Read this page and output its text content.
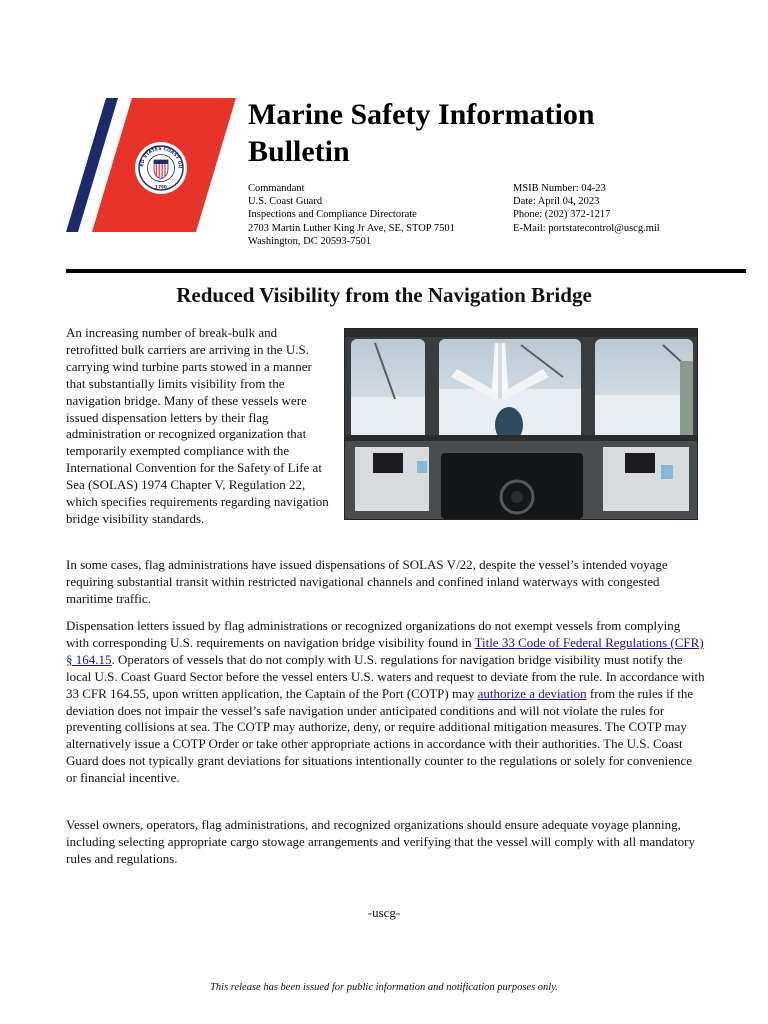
ED STATES COAST GU
1790
Marine Safety Information Bulletin
Commandant
U.S. Coast Guard
Inspections and Compliance Directorate
2703 Martin Luther King Jr Ave, SE, STOP 7501
Washington, DC 20593-7501
MSIB Number: 04-23
Date: April 04, 2023
Phone: (202) 372-1217
E-Mail: portstatecontrol@uscg.mil
Reduced Visibility from the Navigation Bridge

An increasing number of break-bulk and retrofitted bulk carriers are arriving in the U.S. carrying wind turbine parts stowed in a manner that substantially limits visibility from the navigation bridge. Many of these vessels were issued dispensation letters by their flag administration or recognized organization that temporarily exempted compliance with the International Convention for the Safety of Life at Sea (SOLAS) 1974 Chapter V, Regulation 22, which specifies requirements regarding navigation bridge visibility standards.

In some cases, flag administrations have issued dispensations of SOLAS V/22, despite the vessel’s intended voyage requiring substantial transit within restricted navigational channels and confined inland waterways with congested maritime traffic.

Dispensation letters issued by flag administrations or recognized organizations do not exempt vessels from complying with corresponding U.S. requirements on navigation bridge visibility found in Title 33 Code of Federal Regulations (CFR) § 164.15. Operators of vessels that do not comply with U.S. regulations for navigation bridge visibility must notify the local U.S. Coast Guard Sector before the vessel enters U.S. waters and request to deviate from the rule. In accordance with 33 CFR 164.55, upon written application, the Captain of the Port (COTP) may authorize a deviation from the rules if the deviation does not impair the vessel’s safe navigation under anticipated conditions and will not violate the rules for preventing collisions at sea. The COTP may authorize, deny, or require additional mitigation measures. The COTP may alternatively issue a COTP Order or take other appropriate actions in accordance with their authorities. The U.S. Coast Guard does not typically grant deviations for situations intentionally counter to the regulations or solely for convenience or financial incentive.

Vessel owners, operators, flag administrations, and recognized organizations should ensure adequate voyage planning, including selecting appropriate cargo stowage arrangements and verifying that the vessel will comply with all mandatory rules and regulations.

-uscg-
This release has been issued for public information and notification purposes only.
